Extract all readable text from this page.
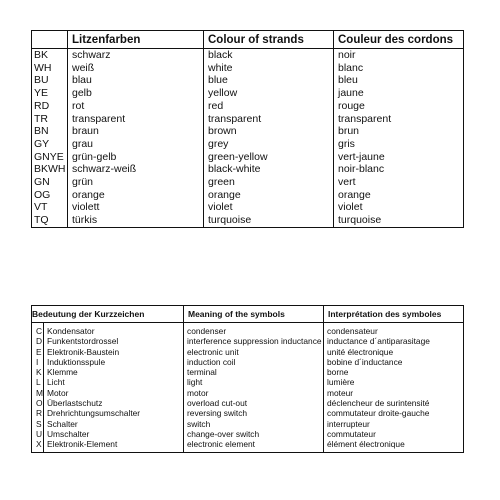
	Litzenfarben	Colour of strands	Couleur des cordons
BK	schwarz	black	noir
WH	weiß	white	blanc
BU	blau	blue	bleu
YE	gelb	yellow	jaune
RD	rot	red	rouge
TR	transparent	transparent	transparent
BN	braun	brown	brun
GY	grau	grey	gris
GNYE	grün-gelb	green-yellow	vert-jaune
BKWH	schwarz-weiß	black-white	noir-blanc
GN	grün	green	vert
OG	orange	orange	orange
VT	violett	violet	violet
TQ	türkis	turquoise	turquoise
Bedeutung der Kurzzeichen		Meaning of the symbols	Interprétation des symboles
C	Kondensator	condenser	condensateur
D	Funkentstordrossel	interference suppression inductance	inductance d´antiparasitage
E	Elektronik-Baustein	electronic unit	unité électronique
I	Induktionsspule	induction coil	bobine d´inductance
K	Klemme	terminal	borne
L	Licht	light	lumière
M	Motor	motor	moteur
O	Überlastschutz	overload cut-out	déclencheur de surintensité
R	Drehrichtungsumschalter	reversing switch	commutateur droite-gauche
S	Schalter	switch	interrupteur
U	Umschalter	change-over switch	commutateur
X	Elektronik-Element	electronic element	élément électronique
